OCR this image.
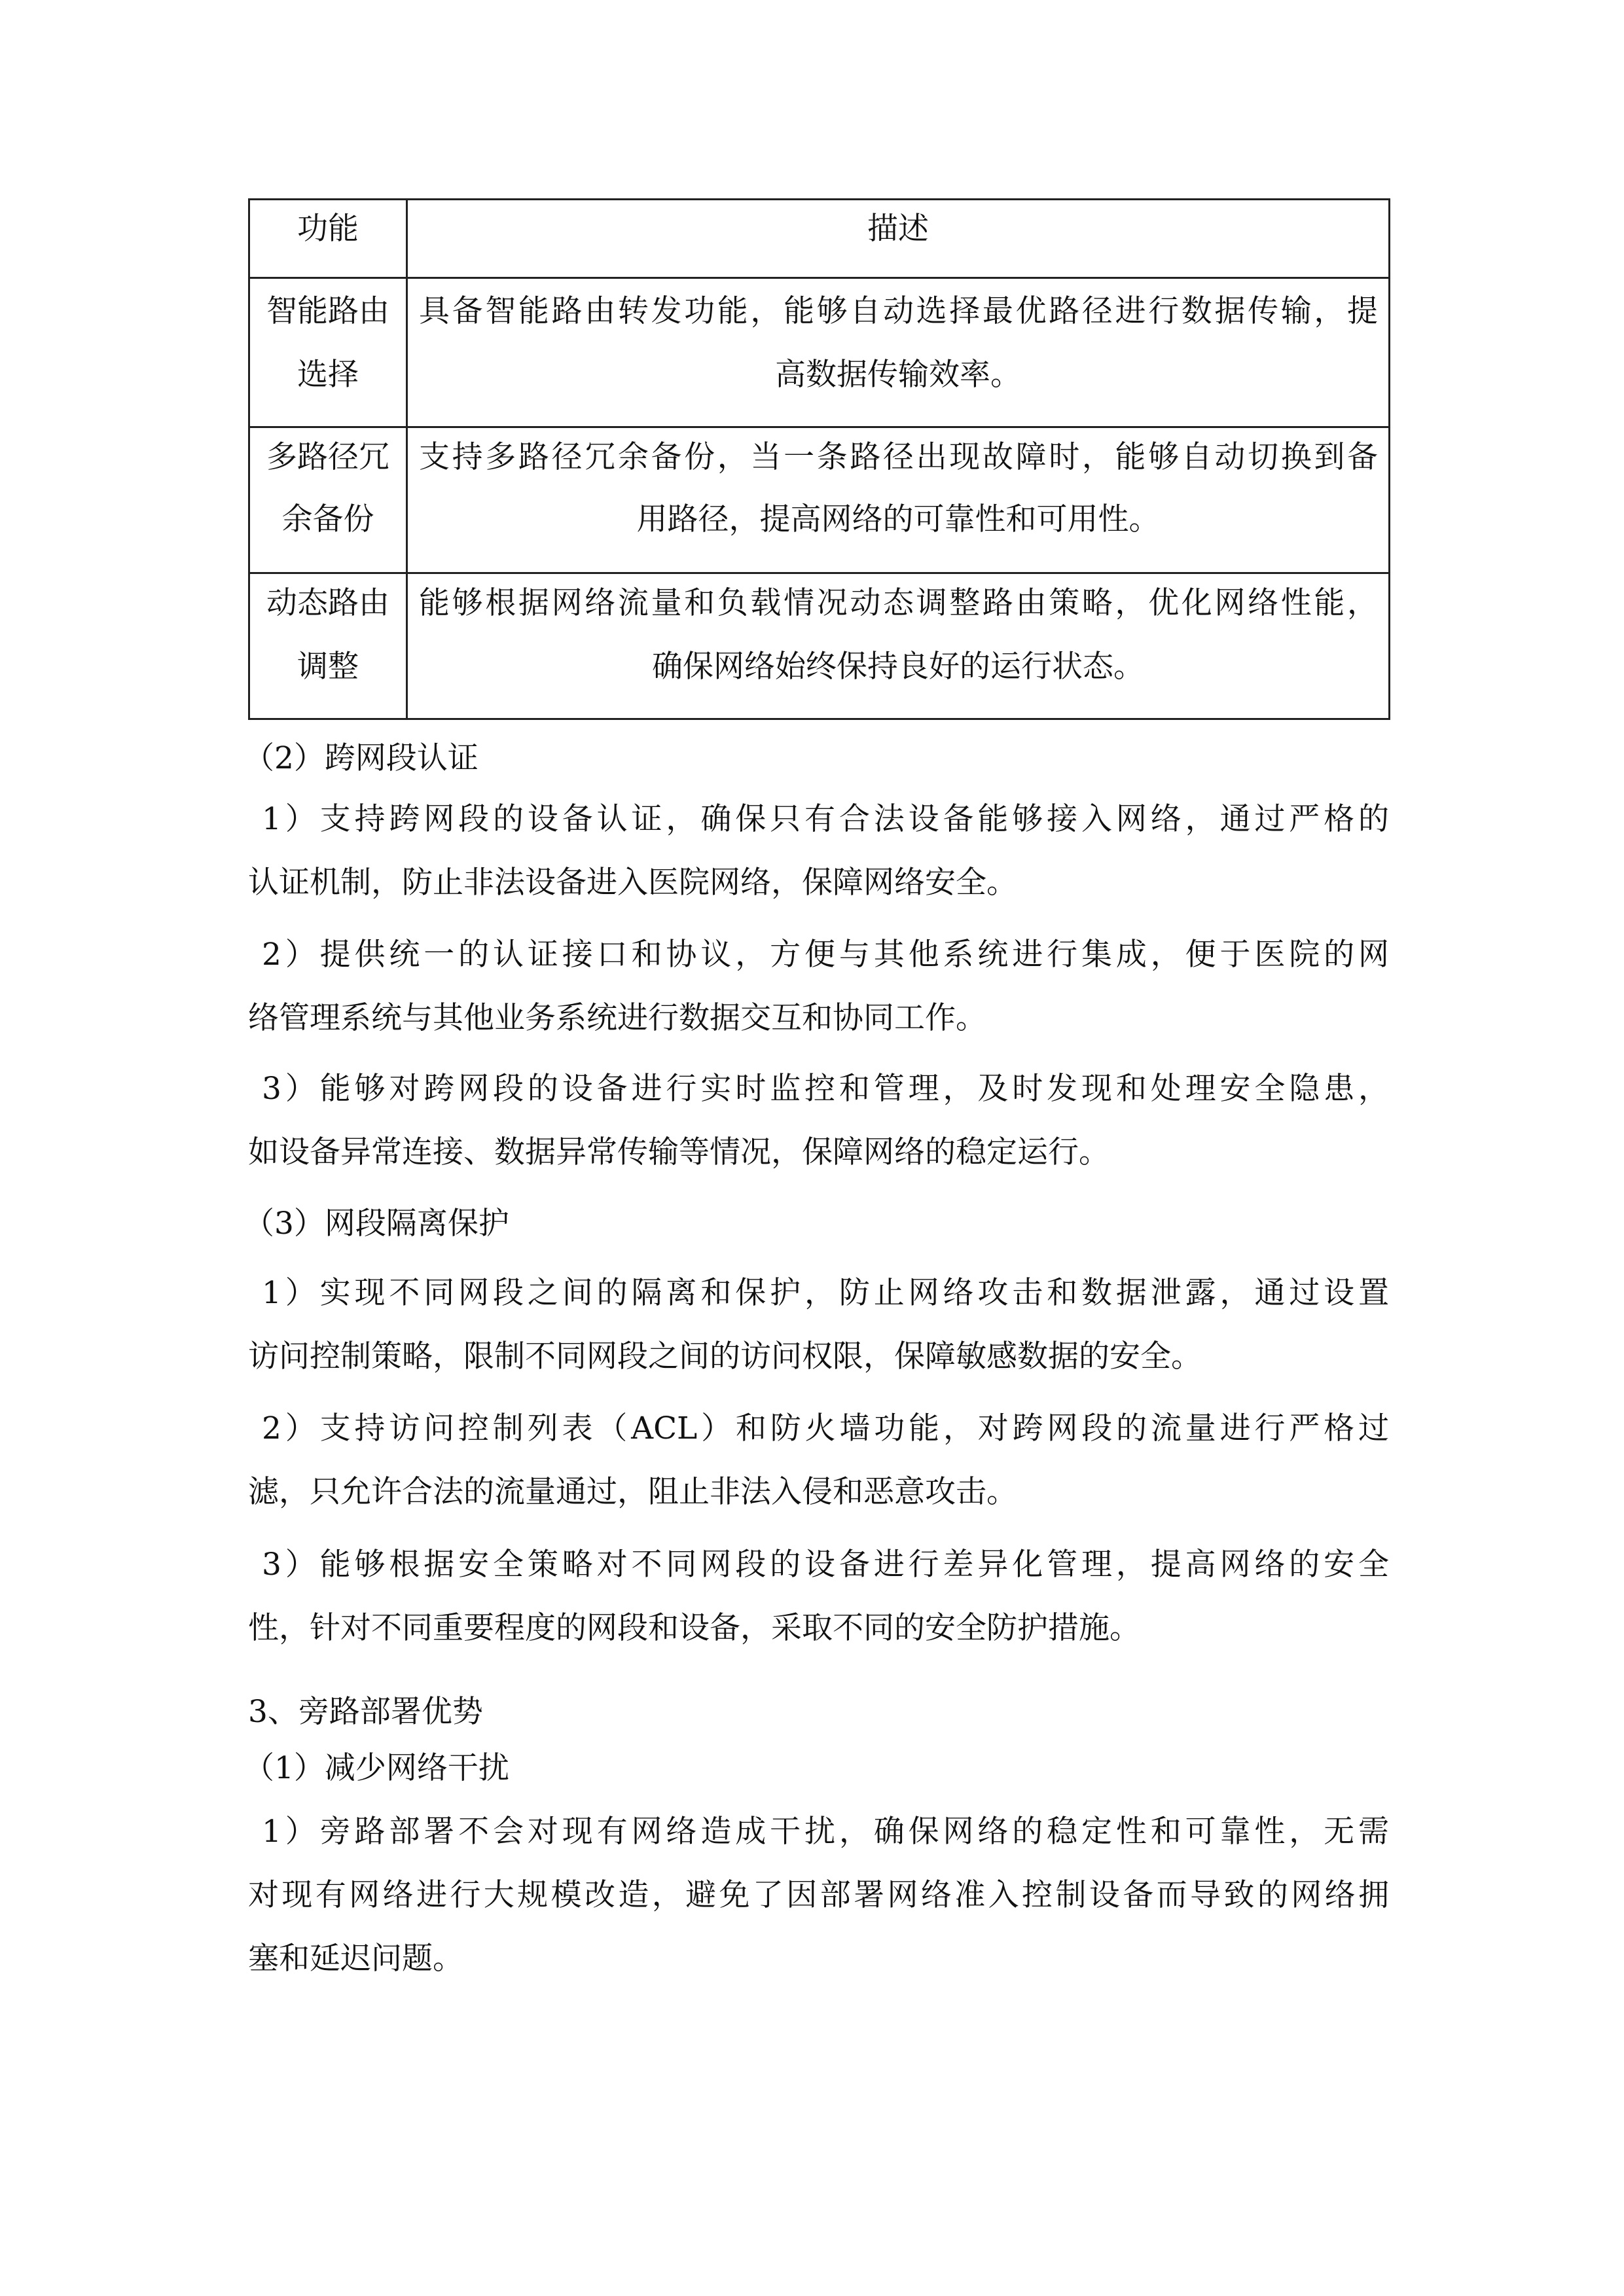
功能	描述
智能路由
选择
具备智能路由转发功能，能够自动选择最优路径进行数据传输，提
高数据传输效率。
多路径冗
余备份
支持多路径冗余备份，当一条路径出现故障时，能够自动切换到备
用路径，提高网络的可靠性和可用性。
动态路由
调整
能够根据网络流量和负载情况动态调整路由策略，优化网络性能，
确保网络始终保持良好的运行状态。
（2）跨网段认证
1）支持跨网段的设备认证，确保只有合法设备能够接入网络，通过严格的
认证机制，防止非法设备进入医院网络，保障网络安全。
2）提供统一的认证接口和协议，方便与其他系统进行集成，便于医院的网
络管理系统与其他业务系统进行数据交互和协同工作。
3）能够对跨网段的设备进行实时监控和管理，及时发现和处理安全隐患，
如设备异常连接、数据异常传输等情况，保障网络的稳定运行。
（3）网段隔离保护
1）实现不同网段之间的隔离和保护，防止网络攻击和数据泄露，通过设置
访问控制策略，限制不同网段之间的访问权限，保障敏感数据的安全。
2）支持访问控制列表（ACL）和防火墙功能，对跨网段的流量进行严格过
滤，只允许合法的流量通过，阻止非法入侵和恶意攻击。
3）能够根据安全策略对不同网段的设备进行差异化管理，提高网络的安全
性，针对不同重要程度的网段和设备，采取不同的安全防护措施。
3、旁路部署优势
（1）减少网络干扰
1）旁路部署不会对现有网络造成干扰，确保网络的稳定性和可靠性，无需
对现有网络进行大规模改造，避免了因部署网络准入控制设备而导致的网络拥
塞和延迟问题。
